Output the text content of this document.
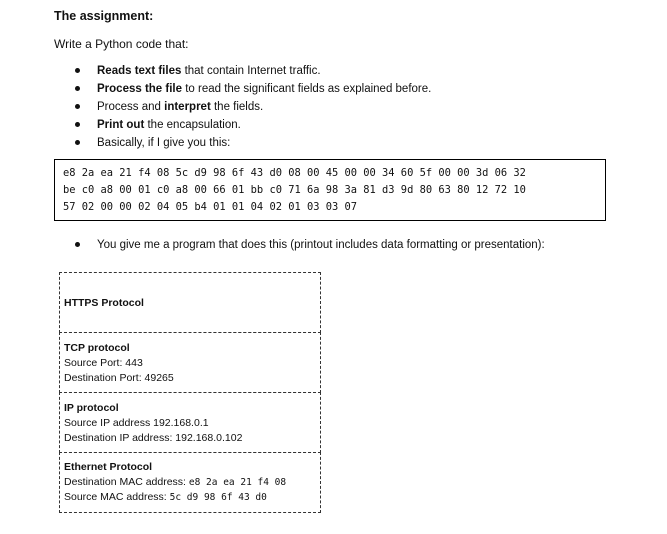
The assignment:
Write a Python code that:
Reads text files that contain Internet traffic.
Process the file to read the significant fields as explained before.
Process and interpret the fields.
Print out the encapsulation.
Basically, if I give you this:
e8 2a ea 21 f4 08 5c d9 98 6f 43 d0 08 00 45 00 00 34 60 5f 00 00 3d 06 32
be c0 a8 00 01 c0 a8 00 66 01 bb c0 71 6a 98 3a 81 d3 9d 80 63 80 12 72 10
57 02 00 00 02 04 05 b4 01 01 04 02 01 03 03 07
You give me a program that does this (printout includes data formatting or presentation):
HTTPS Protocol
TCP protocol
Source Port: 443
Destination Port: 49265
IP protocol
Source IP address 192.168.0.1
Destination IP address: 192.168.0.102
Ethernet Protocol
Destination MAC address: e8 2a ea 21 f4 08
Source MAC address: 5c d9 98 6f 43 d0
